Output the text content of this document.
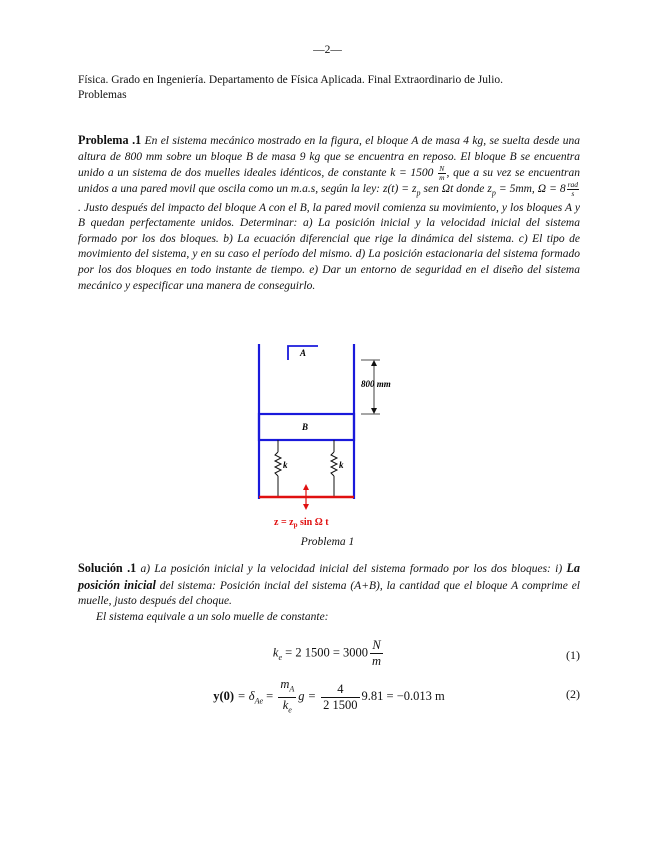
—2—
Física. Grado en Ingeniería. Departamento de Física Aplicada. Final Extraordinario de Julio.
Problemas
Problema .1 En el sistema mecánico mostrado en la figura, el bloque A de masa 4 kg, se suelta desde una altura de 800 mm sobre un bloque B de masa 9 kg que se encuentra en reposo. El bloque B se encuentra unido a un sistema de dos muelles ideales idénticos, de constante $k = 1500 \frac{N}{m}$ , que a su vez se encuentran unidos a una pared movil que oscila como un m.a.s, según la ley: $z(t) = z_p$ sen Ωt donde $z_p = 5mm$, $\Omega = 8 \frac{\text{rad}}{s}$
. Justo después del impacto del bloque A con el B, la pared movil comienza su movimiento, y los bloques A y B quedan perfectamente unidos. Determinar: a) La posición inicial y la velocidad inicial del sistema formado por los dos bloques. b) La ecuación diferencial que rige la dinámica del sistema. c) El tipo de movimiento del sistema, y en su caso el período del mismo. d) La posición estacionaria del sistema formado por los dos bloques en todo instante de tiempo. e) Dar un entorno de seguridad en el diseño del sistema mecánico y especificar una manera de conseguirlo.
A
B
800 mm
k	k
$z = z_p$ sin Ω t
Problema 1
Solución .1 a) La posición inicial y la velocidad inicial del sistema formado por los dos bloques: i) La posición inicial del sistema: Posición incial del sistema (A+B), la cantidad que el bloque A comprime el muelle, justo después del choque.
El sistema equivale a un solo muelle de constante:
$k_e = 2$ $1500 = 3000 \frac{N}{m}$	(1)
$y(0) = \delta_{Ae} = \frac{m_A}{k_e}$ $g = \frac{4}{2 1500} 9.81 = -0.013$ m	(2)
